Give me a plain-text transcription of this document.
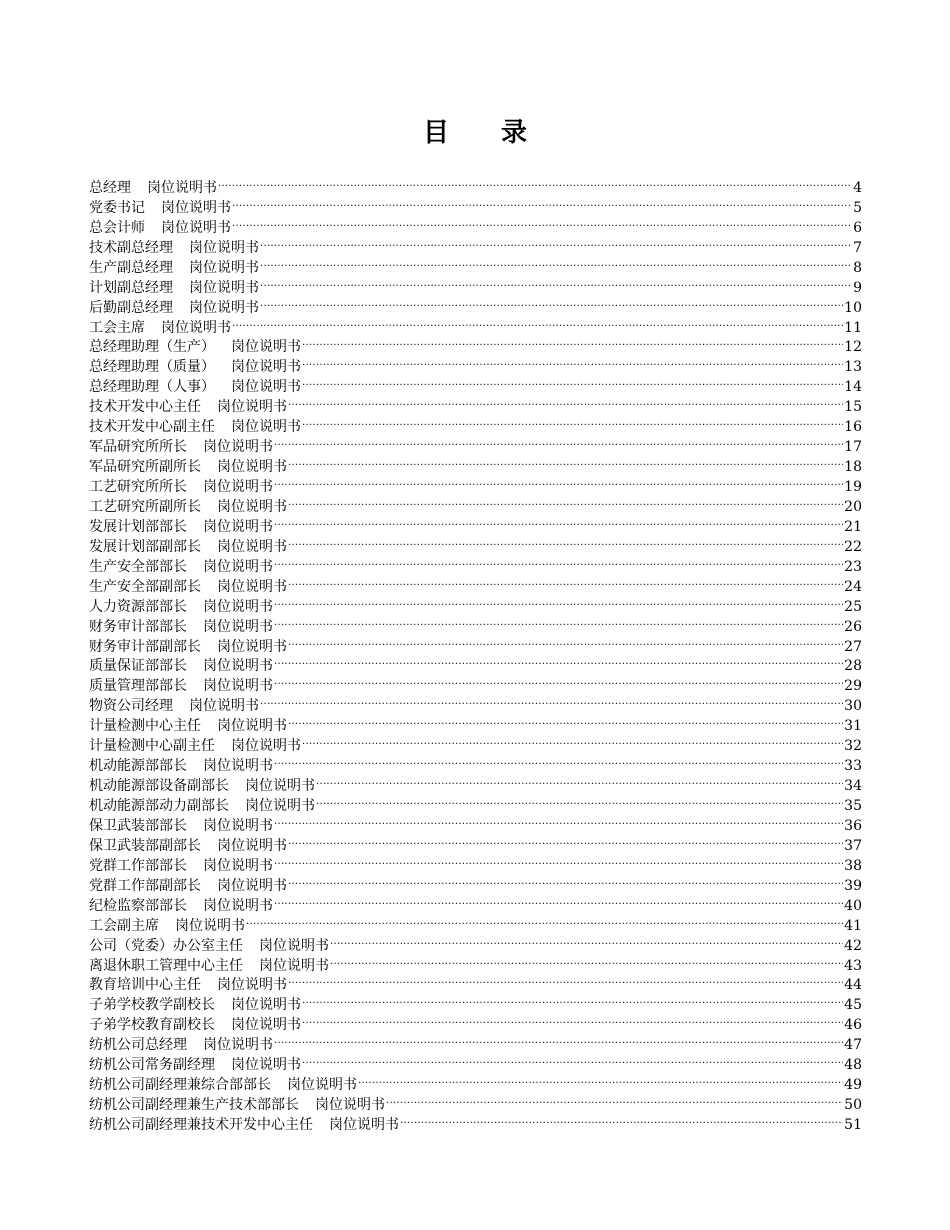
目 录
总经理 岗位说明书 .....	4
党委书记 岗位说明书 .....	5
总会计师 岗位说明书 .....	6
技术副总经理 岗位说明书 .....	7
生产副总经理 岗位说明书 .....	8
计划副总经理 岗位说明书 .....	9
后勤副总经理 岗位说明书 .....	10
工会主席 岗位说明书 .....	11
总经理助理（生产） 岗位说明书 .....	12
总经理助理（质量） 岗位说明书 .....	13
总经理助理（人事） 岗位说明书 .....	14
技术开发中心主任 岗位说明书 .....	15
技术开发中心副主任 岗位说明书 .....	16
军品研究所所长 岗位说明书 .....	17
军品研究所副所长 岗位说明书 .....	18
工艺研究所所长 岗位说明书 .....	19
工艺研究所副所长 岗位说明书 .....	20
发展计划部部长 岗位说明书 .....	21
发展计划部副部长 岗位说明书 .....	22
生产安全部部长 岗位说明书 .....	23
生产安全部副部长 岗位说明书 .....	24
人力资源部部长 岗位说明书 .....	25
财务审计部部长 岗位说明书 .....	26
财务审计部副部长 岗位说明书 .....	27
质量保证部部长 岗位说明书 .....	28
质量管理部部长 岗位说明书 .....	29
物资公司经理 岗位说明书 .....	30
计量检测中心主任 岗位说明书 .....	31
计量检测中心副主任 岗位说明书 .....	32
机动能源部部长 岗位说明书 .....	33
机动能源部设备副部长 岗位说明书 .....	34
机动能源部动力副部长 岗位说明书 .....	35
保卫武装部部长 岗位说明书 .....	36
保卫武装部副部长 岗位说明书 .....	37
党群工作部部长 岗位说明书 .....	38
党群工作部副部长 岗位说明书 .....	39
纪检监察部部长 岗位说明书 .....	40
工会副主席 岗位说明书 .....	41
公司（党委）办公室主任 岗位说明书 .....	42
离退休职工管理中心主任 岗位说明书 .....	43
教育培训中心主任 岗位说明书 .....	44
子弟学校教学副校长 岗位说明书 .....	45
子弟学校教育副校长 岗位说明书 .....	46
纺机公司总经理 岗位说明书 .....	47
纺机公司常务副经理 岗位说明书 .....	48
纺机公司副经理兼综合部部长 岗位说明书 .....	49
纺机公司副经理兼生产技术部部长 岗位说明书 .....	50
纺机公司副经理兼技术开发中心主任 岗位说明书 .....	51
